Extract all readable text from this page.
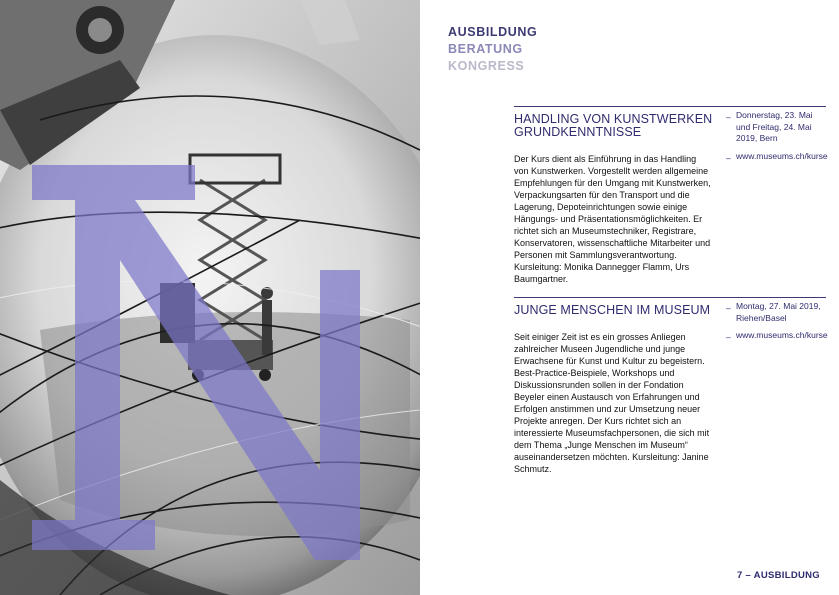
AUSBILDUNG
BERATUNG
KONGRESS
HANDLING VON KUNSTWERKEN GRUNDKENNTNISSE
– Donnerstag, 23. Mai und Freitag, 24. Mai 2019, Bern
– www.museums.ch/kurse

Der Kurs dient als Einführung in das Handling von Kunstwerken. Vorgestellt werden allgemeine Empfehlungen für den Umgang mit Kunstwerken, Verpackungsarten für den Transport und die Lagerung, Depoteinrichtungen sowie einige Hängungs- und Präsentationsmöglichkeiten. Er richtet sich an Museumstechniker, Registrare, Konservatoren, wissenschaftliche Mitarbeiter und Personen mit Sammlungsverantwortung. Kursleitung: Monika Dannegger Flamm, Urs Baumgartner.

JUNGE MENSCHEN IM MUSEUM
–	Montag, 27. Mai 2019, Riehen/Basel
– www.museums.ch/kurse

Seit einiger Zeit ist es ein grosses Anliegen zahlreicher Museen Jugendliche und junge Erwachsene für Kunst und Kultur zu begeistern. Best-Practice-Beispiele, Workshops und Diskussionsrunden sollen in der Fondation Beyeler einen Austausch von Erfahrungen und Erfolgen anstimmen und zur Umsetzung neuer Projekte anregen. Der Kurs richtet sich an interessierte Museumsfachpersonen, die sich mit dem Thema „Junge Menschen im Museum“ auseinandersetzen möchten. Kursleitung: Janine Schmutz.

7 – AUSBILDUNG
